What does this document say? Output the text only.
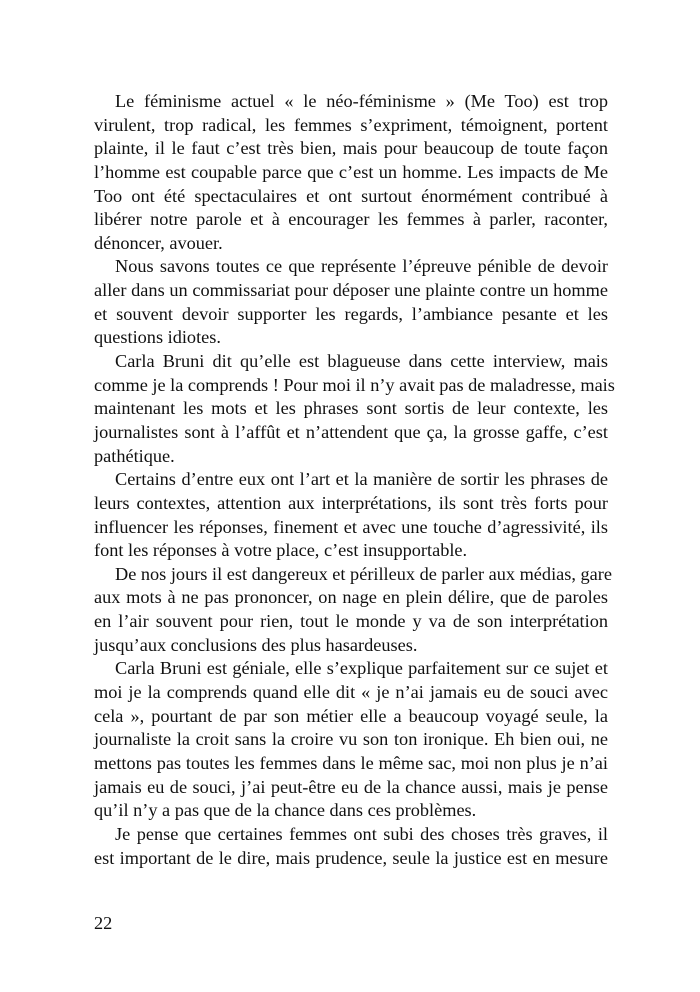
Le féminisme actuel « le néo-féminisme » (Me Too) est trop
virulent, trop radical, les femmes s’expriment, témoignent, portent
plainte, il le faut c’est très bien, mais pour beaucoup de toute façon
l’homme est coupable parce que c’est un homme. Les impacts de Me
Too ont été spectaculaires et ont surtout énormément contribué à
libérer notre parole et à encourager les femmes à parler, raconter,
dénoncer, avouer.
Nous savons toutes ce que représente l’épreuve pénible de devoir
aller dans un commissariat pour déposer une plainte contre un homme
et souvent devoir supporter les regards, l’ambiance pesante et les
questions idiotes.
Carla Bruni dit qu’elle est blagueuse dans cette interview, mais
comme je la comprends ! Pour moi il n’y avait pas de maladresse, mais
maintenant les mots et les phrases sont sortis de leur contexte, les
journalistes sont à l’affût et n’attendent que ça, la grosse gaffe, c’est
pathétique.
Certains d’entre eux ont l’art et la manière de sortir les phrases de
leurs contextes, attention aux interprétations, ils sont très forts pour
influencer les réponses, finement et avec une touche d’agressivité, ils
font les réponses à votre place, c’est insupportable.
De nos jours il est dangereux et périlleux de parler aux médias, gare
aux mots à ne pas prononcer, on nage en plein délire, que de paroles
en l’air souvent pour rien, tout le monde y va de son interprétation
jusqu’aux conclusions des plus hasardeuses.
Carla Bruni est géniale, elle s’explique parfaitement sur ce sujet et
moi je la comprends quand elle dit « je n’ai jamais eu de souci avec
cela », pourtant de par son métier elle a beaucoup voyagé seule, la
journaliste la croit sans la croire vu son ton ironique. Eh bien oui, ne
mettons pas toutes les femmes dans le même sac, moi non plus je n’ai
jamais eu de souci, j’ai peut-être eu de la chance aussi, mais je pense
qu’il n’y a pas que de la chance dans ces problèmes.
Je pense que certaines femmes ont subi des choses très graves, il
est important de le dire, mais prudence, seule la justice est en mesure
22
